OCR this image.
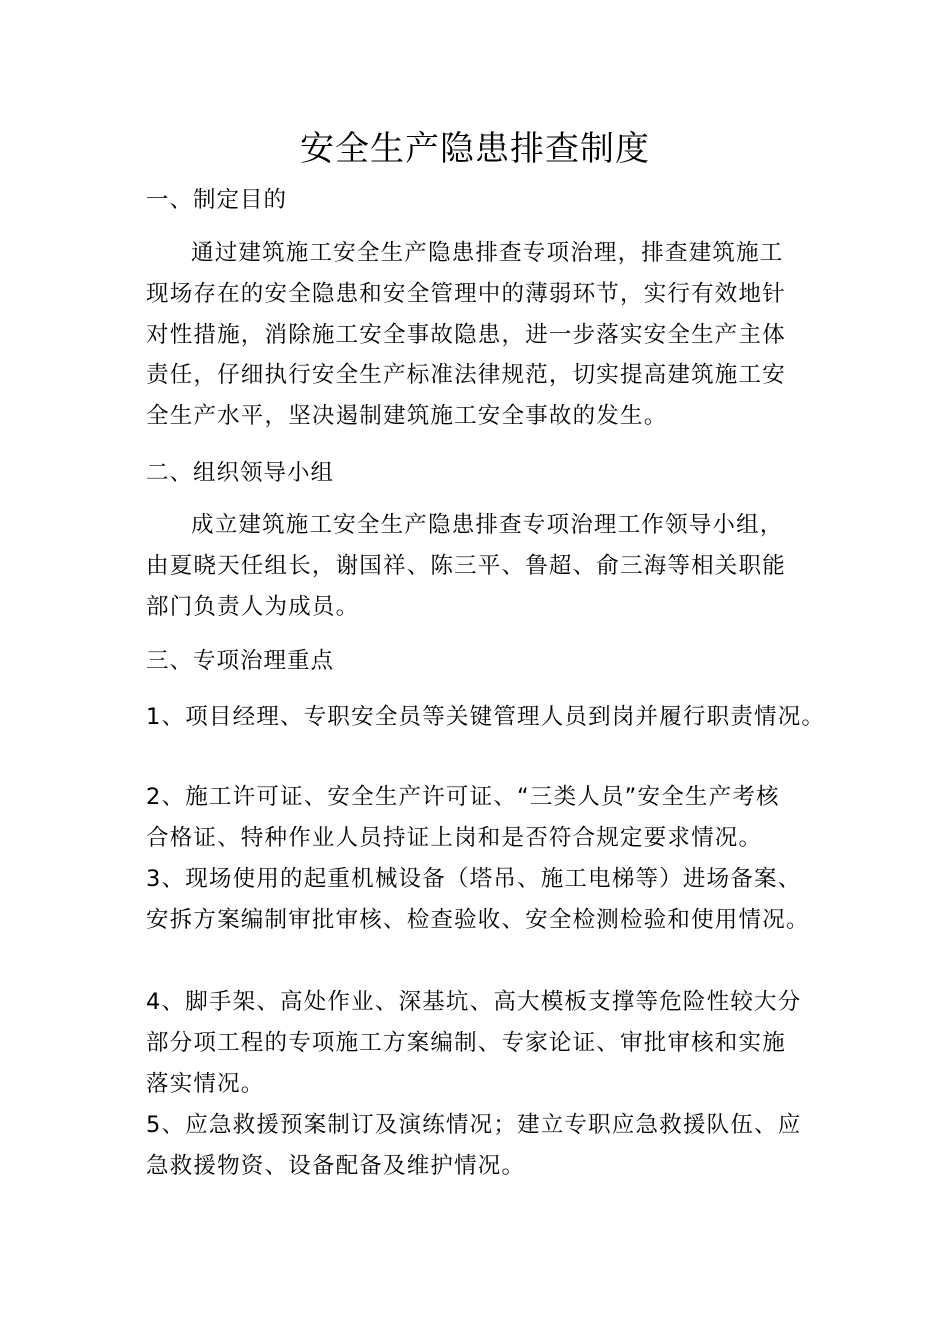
安全生产隐患排查制度
一、制定目的
通过建筑施工安全生产隐患排查专项治理，排查建筑施工
现场存在的安全隐患和安全管理中的薄弱环节，实行有效地针
对性措施，消除施工安全事故隐患，进一步落实安全生产主体
责任，仔细执行安全生产标准法律规范，切实提高建筑施工安
全生产水平，坚决遏制建筑施工安全事故的发生。
二、组织领导小组
成立建筑施工安全生产隐患排查专项治理工作领导小组，
由夏晓天任组长，谢国祥、陈三平、鲁超、俞三海等相关职能
部门负责人为成员。
三、专项治理重点
1、项目经理、专职安全员等关键管理人员到岗并履行职责情况。
2、施工许可证、安全生产许可证、“三类人员”安全生产考核
合格证、特种作业人员持证上岗和是否符合规定要求情况。
3、现场使用的起重机械设备（塔吊、施工电梯等）进场备案、
安拆方案编制审批审核、检查验收、安全检测检验和使用情况。
4、脚手架、高处作业、深基坑、高大模板支撑等危险性较大分
部分项工程的专项施工方案编制、专家论证、审批审核和实施
落实情况。
5、应急救援预案制订及演练情况；建立专职应急救援队伍、应
急救援物资、设备配备及维护情况。
